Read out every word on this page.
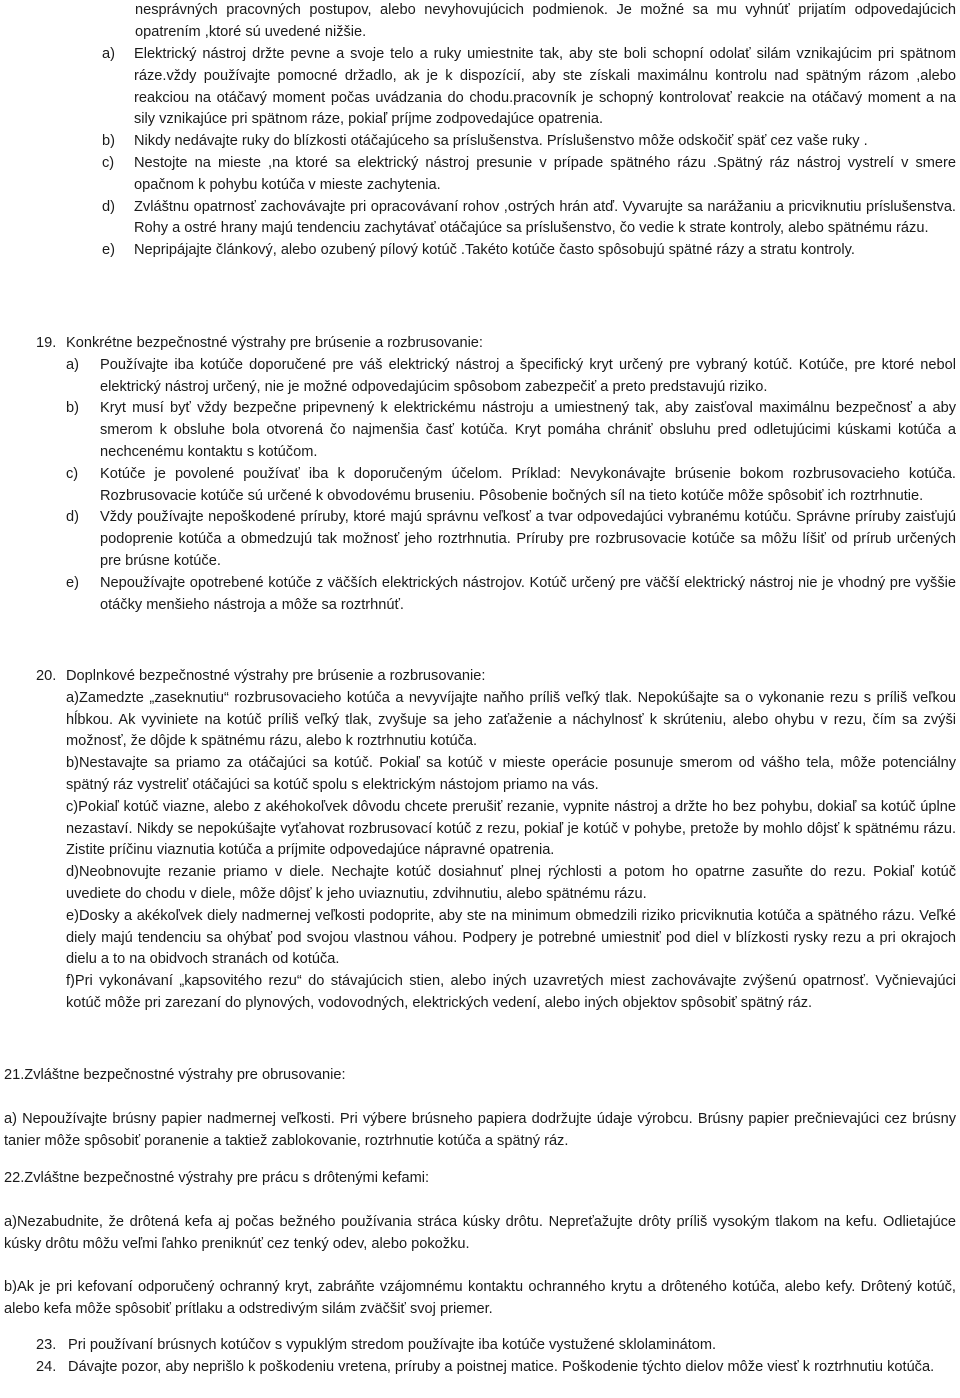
nesprávných pracovných postupov, alebo nevyhovujúcich podmienok. Je možné sa mu vyhnúť prijatím odpovedajúcich opatrením ,ktoré sú uvedené nižšie.

a)	Elektrický nástroj držte pevne a svoje telo a ruky umiestnite tak, aby ste boli schopní odolať silám vznikajúcim pri spätnom ráze.vždy používajte pomocné držadlo, ak je k dispozícií, aby ste získali maximálnu kontrolu nad spätným rázom ,alebo reakciou na otáčavý moment počas uvádzania do chodu.pracovník je schopný kontrolovať reakcie na otáčavý moment a na sily vznikajúce pri spätnom ráze, pokiaľ príjme zodpovedajúce opatrenia.
b)	Nikdy nedávajte ruky do blízkosti otáčajúceho sa príslušenstva. Príslušenstvo môže odskočiť späť cez vaše ruky .
c)	Nestojte na mieste ,na ktoré sa elektrický nástroj presunie v prípade spätného rázu .Spätný ráz nástroj vystrelí v smere opačnom k pohybu kotúča v mieste zachytenia.
d)	Zvláštnu opatrnosť zachovávajte pri opracovávaní rohov ,ostrých hrán atď. Vyvarujte sa narážaniu a pricviknutiu príslušenstva. Rohy a ostré hrany majú tendenciu zachytávať otáčajúce sa príslušenstvo, čo vedie k strate kontroly, alebo spätnému rázu.
e)	Nepripájajte článkový, alebo ozubený pílový kotúč .Takéto kotúče často spôsobujú spätné rázy a stratu kontroly.
19. Konkrétne bezpečnostné výstrahy pre brúsenie a rozbrusovanie:
a)	Používajte iba kotúče doporučené pre váš elektrický nástroj a špecifický kryt určený pre vybraný kotúč. Kotúče, pre ktoré nebol elektrický nástroj určený, nie je možné odpovedajúcim spôsobom zabezpečiť a preto predstavujú riziko.
b)	Kryt musí byť vždy bezpečne pripevnený k elektrickému nástroju a umiestnený tak, aby zaisťoval maximálnu bezpečnosť a aby smerom k obsluhe bola otvorená čo najmenšia časť kotúča. Kryt pomáha chrániť obsluhu pred odletujúcimi kúskami kotúča a nechcenému kontaktu s kotúčom.
c)	Kotúče je povolené používať iba k doporučeným účelom. Príklad: Nevykonávajte brúsenie bokom rozbrusovacieho kotúča. Rozbrusovacie kotúče sú určené k obvodovému bruseniu. Pôsobenie bočných síl na tieto kotúče môže spôsobiť ich roztrhnutie.
d)	Vždy používajte nepoškodené príruby, ktoré majú správnu veľkosť a tvar odpovedajúci vybranému kotúču. Správne príruby zaisťujú podoprenie kotúča a obmedzujú tak možnosť jeho roztrhnutia. Príruby pre rozbrusovacie kotúče sa môžu líšiť od prírub určených pre brúsne kotúče.
e)	Nepoužívajte opotrebené kotúče z väčších elektrických nástrojov. Kotúč určený pre väčší elektrický nástroj nie je vhodný pre vyššie otáčky menšieho nástroja a môže sa roztrhnúť.
20. Doplnkové bezpečnostné výstrahy pre brúsenie a rozbrusovanie:

a)Zamedzte „zaseknutiu“ rozbrusovacieho kotúča a nevyvíjajte naňho príliš veľký tlak. Nepokúšajte sa o vykonanie rezu s príliš veľkou hĺbkou. Ak vyviniete na kotúč príliš veľký tlak, zvyšuje sa jeho zaťaženie a náchylnosť k skrúteniu, alebo ohybu v rezu, čím sa zvýši možnosť, že dôjde k spätnému rázu, alebo k roztrhnutiu kotúča.

b)Nestavajte sa priamo za otáčajúci sa kotúč. Pokiaľ sa kotúč v mieste operácie posunuje smerom od vášho tela, môže potenciálny spätný ráz vystreliť otáčajúci sa kotúč spolu s elektrickým nástojom priamo na vás.

c)Pokiaľ kotúč viazne, alebo z akéhokoľvek dôvodu chcete prerušiť rezanie, vypnite nástroj a držte ho bez pohybu, dokiaľ sa kotúč úplne nezastaví. Nikdy se nepokúšajte vyťahovat rozbrusovací kotúč z rezu, pokiaľ je kotúč v pohybe, pretože by mohlo dôjsť k spätnému rázu. Zistite príčinu viaznutia kotúča a príjmite odpovedajúce nápravné opatrenia.

d)Neobnovujte rezanie priamo v diele. Nechajte kotúč dosiahnuť plnej rýchlosti a potom ho opatrne zasuňte do rezu. Pokiaľ kotúč uvediete do chodu v diele, môže dôjsť k jeho uviaznutiu, zdvihnutiu, alebo spätnému rázu.

e)Dosky a akékoľvek diely nadmernej veľkosti podoprite, aby ste na minimum obmedzili riziko pricviknutia kotúča a spätného rázu. Veľké diely majú tendenciu sa ohýbať pod svojou vlastnou váhou. Podpery je potrebné umiestniť pod diel v blízkosti rysky rezu a pri okrajoch dielu a to na obidvoch stranách od kotúča.

f)Pri vykonávaní „kapsovitého rezu“ do stávajúcich stien, alebo iných uzavretých miest zachovávajte zvýšenú opatrnosť. Vyčnievajúci kotúč môže pri zarezaní do plynových, vodovodných, elektrických vedení, alebo iných objektov spôsobiť spätný ráz.

21.Zvláštne bezpečnostné výstrahy pre obrusovanie:

a) Nepoužívajte brúsny papier nadmernej veľkosti. Pri výbere brúsneho papiera dodržujte údaje výrobcu. Brúsny papier prečnievajúci cez brúsny tanier môže spôsobiť poranenie a taktiež zablokovanie, roztrhnutie kotúča a spätný ráz.

22.Zvláštne bezpečnostné výstrahy pre prácu s drôtenými kefami:

a)Nezabudnite, že drôtená kefa aj počas bežného používania stráca kúsky drôtu. Nepreťažujte drôty príliš vysokým tlakom na kefu. Odlietajúce kúsky drôtu môžu veľmi ľahko preniknúť cez tenký odev, alebo pokožku.

b)Ak je pri kefovaní odporučený ochranný kryt, zabráňte vzájomnému kontaktu ochranného krytu a drôteného kotúča, alebo kefy. Drôtený kotúč, alebo kefa môže spôsobiť prítlaku a odstredivým silám zväčšiť svoj priemer.

23. Pri používaní brúsnych kotúčov s vypuklým stredom používajte iba kotúče vystužené sklolaminátom.
24. Dávajte pozor, aby neprišlo k poškodeniu vretena, príruby a poistnej matice. Poškodenie týchto dielov môže viesť k roztrhnutiu kotúča.
